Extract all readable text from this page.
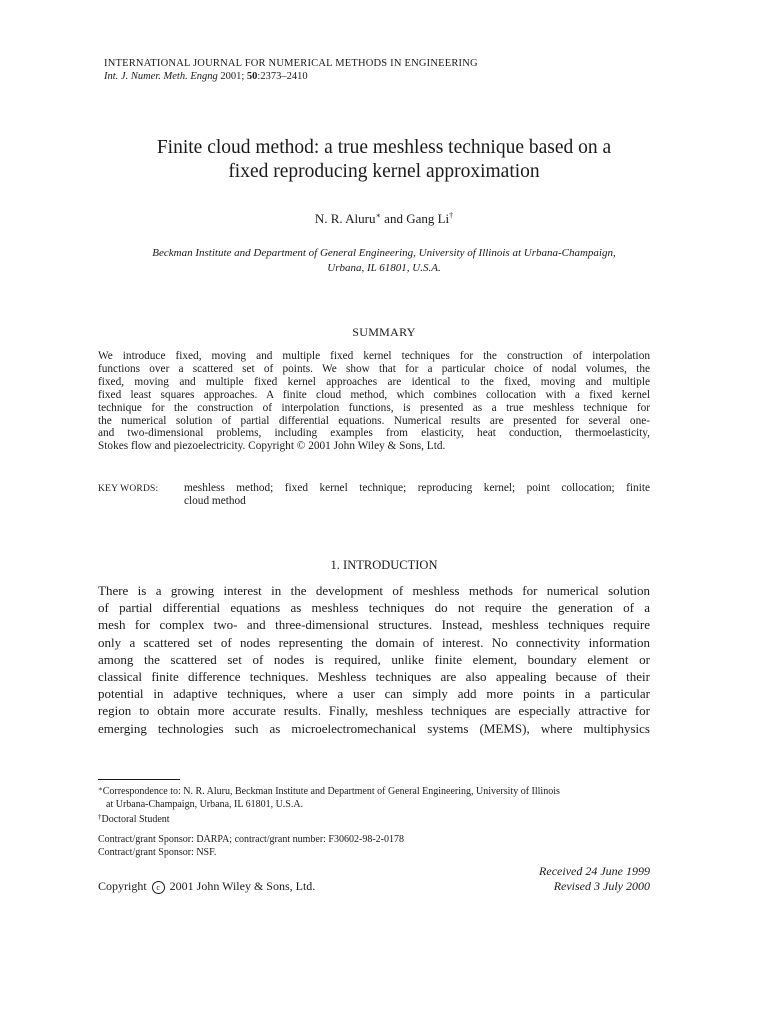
INTERNATIONAL JOURNAL FOR NUMERICAL METHODS IN ENGINEERING
Int. J. Numer. Meth. Engng 2001; 50:2373–2410
Finite cloud method: a true meshless technique based on a
fixed reproducing kernel approximation
N. R. Aluru∗ and Gang Li†
Beckman Institute and Department of General Engineering, University of Illinois at Urbana-Champaign,
Urbana, IL 61801, U.S.A.
SUMMARY
We introduce fixed, moving and multiple fixed kernel techniques for the construction of interpolation
functions over a scattered set of points. We show that for a particular choice of nodal volumes, the
fixed, moving and multiple fixed kernel approaches are identical to the fixed, moving and multiple
fixed least squares approaches. A finite cloud method, which combines collocation with a fixed kernel
technique for the construction of interpolation functions, is presented as a true meshless technique for
the numerical solution of partial differential equations. Numerical results are presented for several one-
and two-dimensional problems, including examples from elasticity, heat conduction, thermoelasticity,
Stokes flow and piezoelectricity. Copyright © 2001 John Wiley & Sons, Ltd.
KEY WORDS: meshless method; fixed kernel technique; reproducing kernel; point collocation; finite
cloud method
1. INTRODUCTION
There is a growing interest in the development of meshless methods for numerical solution
of partial differential equations as meshless techniques do not require the generation of a
mesh for complex two- and three-dimensional structures. Instead, meshless techniques require
only a scattered set of nodes representing the domain of interest. No connectivity information
among the scattered set of nodes is required, unlike finite element, boundary element or
classical finite difference techniques. Meshless techniques are also appealing because of their
potential in adaptive techniques, where a user can simply add more points in a particular
region to obtain more accurate results. Finally, meshless techniques are especially attractive for
emerging technologies such as microelectromechanical systems (MEMS), where multiphysics
∗Correspondence to: N. R. Aluru, Beckman Institute and Department of General Engineering, University of Illinois
at Urbana-Champaign, Urbana, IL 61801, U.S.A.
†Doctoral Student
Contract/grant Sponsor: DARPA; contract/grant number: F30602-98-2-0178
Contract/grant Sponsor: NSF.
Received 24 June 1999
Revised 3 July 2000
Copyright c 2001 John Wiley & Sons, Ltd.
